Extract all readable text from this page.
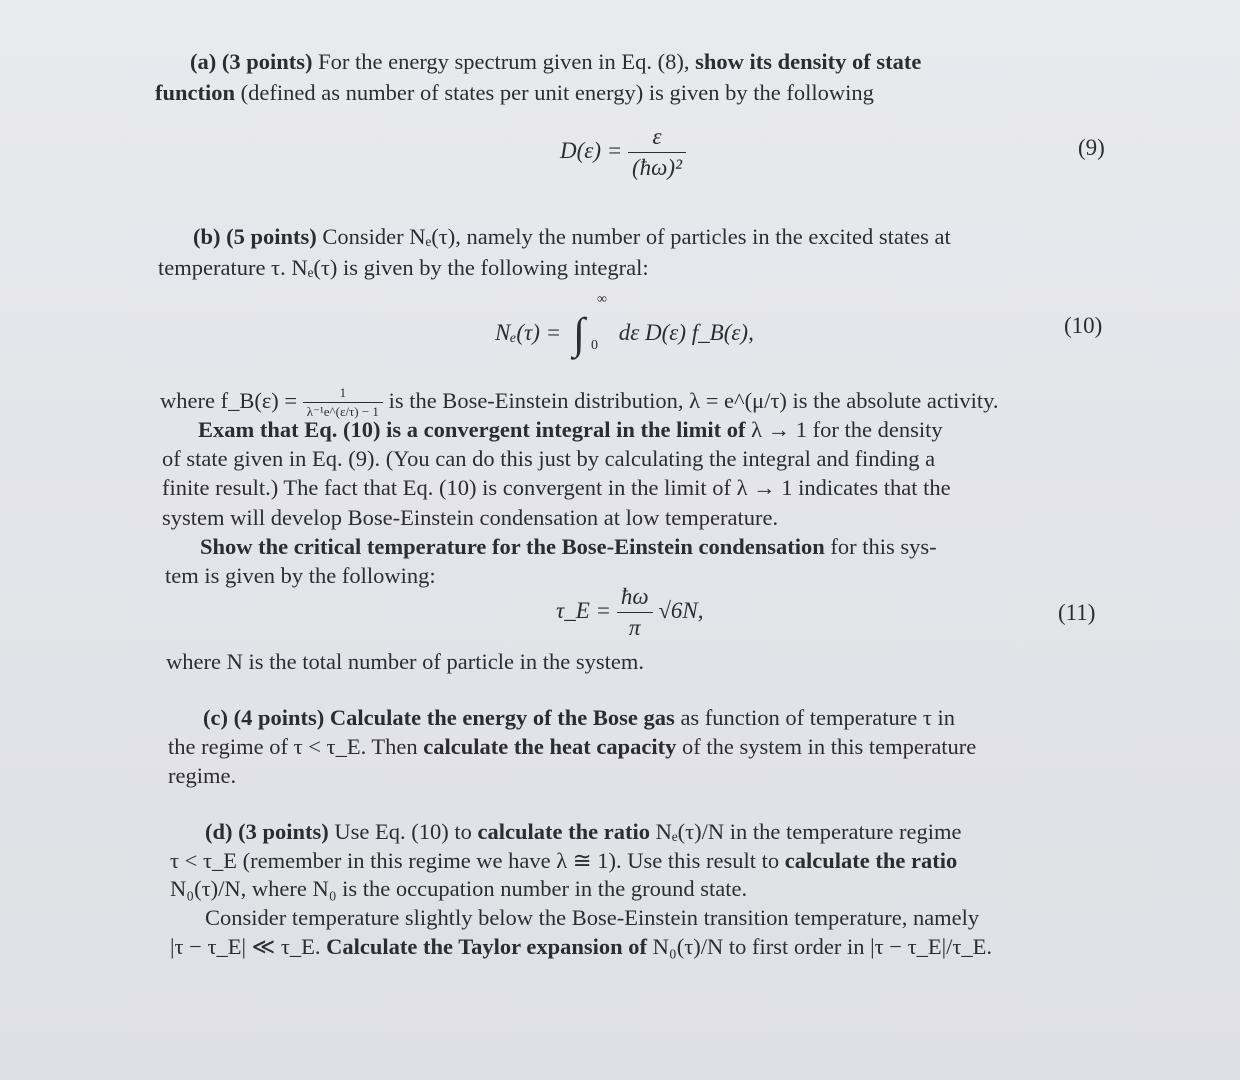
(a) (3 points) For the energy spectrum given in Eq. (8), show its density of state
function (defined as number of states per unit energy) is given by the following
$D(\varepsilon) = \frac{\varepsilon}{\text{(ħω)²}}$	(9)
(b) (5 points) Consider Nₑ(τ), namely the number of particles in the excited states at
temperature τ. Nₑ(τ) is given by the following integral:
Nₑ(τ) = ∫
∞
0
dε D(ε) f_B(ε),	(10)
where f_B(ε) = $\frac{1}{\text{λ⁻¹e\textasciicircum{}(ε/τ) − 1}}$ is the Bose-Einstein distribution, λ = e^(μ/τ) is the absolute activity.
Exam that Eq. (10) is a convergent integral in the limit of λ → 1 for the density
of state given in Eq. (9). (You can do this just by calculating the integral and finding a
finite result.) The fact that Eq. (10) is convergent in the limit of λ → 1 indicates that the
system will develop Bose-Einstein condensation at low temperature.
Show the critical temperature for the Bose-Einstein condensation for this sys-
tem is given by the following:
τ_E = $\frac{ħ\omega}{\pi} √6N$,	(11)
where N is the total number of particle in the system.
(c) (4 points) Calculate the energy of the Bose gas as function of temperature τ in
the regime of τ < τ_E. Then calculate the heat capacity of the system in this temperature
regime.
(d) (3 points) Use Eq. (10) to calculate the ratio Nₑ(τ)/N in the temperature regime
τ < τ_E (remember in this regime we have λ ≅ 1). Use this result to calculate the ratio
N₀(τ)/N, where N₀ is the occupation number in the ground state.
Consider temperature slightly below the Bose-Einstein transition temperature, namely
|τ − τ_E| ≪ τ_E. Calculate the Taylor expansion of N₀(τ)/N to first order in |τ − τ_E|/τ_E.
